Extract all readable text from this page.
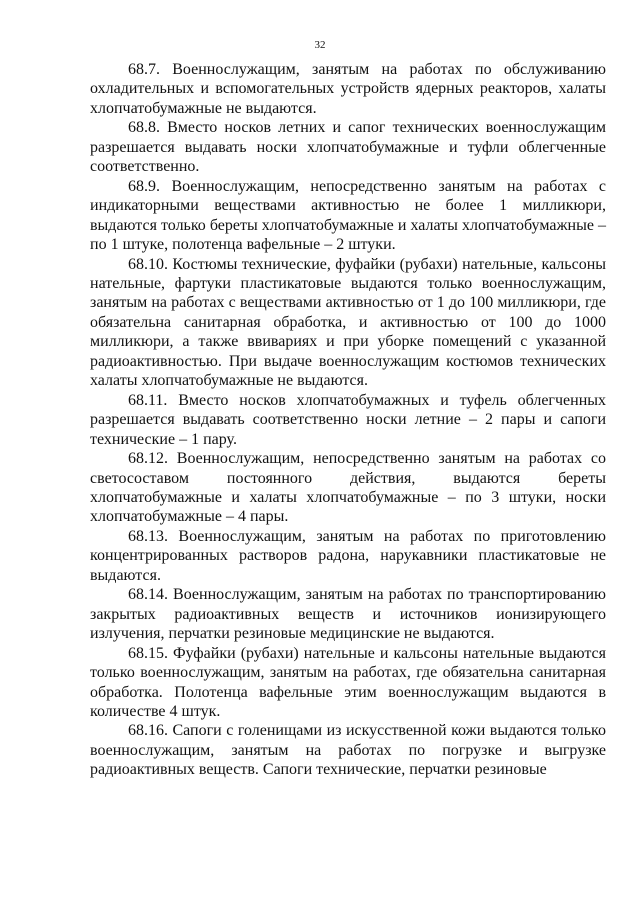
32

68.7. Военнослужащим, занятым на работах по обслуживанию охладительных и вспомогательных устройств ядерных реакторов, халаты хлопчатобумажные не выдаются.

68.8. Вместо носков летних и сапог технических военнослужащим разрешается выдавать носки хлопчатобумажные и туфли облегченные соответственно.

68.9. Военнослужащим, непосредственно занятым на работах с индикаторными веществами активностью не более 1 милликюри, выдаются только береты хлопчатобумажные и халаты хлопчатобумажные – по 1 штуке, полотенца вафельные – 2 штуки.

68.10. Костюмы технические, фуфайки (рубахи) нательные, кальсоны нательные, фартуки пластикатовые выдаются только военнослужащим, занятым на работах с веществами активностью от 1 до 100 милликюри, где обязательна санитарная обработка, и активностью от 100 до 1000 милликюри, а также ввивариях и при уборке помещений с указанной радиоактивностью. При выдаче военнослужащим костюмов технических халаты хлопчатобумажные не выдаются.

68.11. Вместо носков хлопчатобумажных и туфель облегченных разрешается выдавать соответственно носки летние – 2 пары и сапоги технические – 1 пару.

68.12. Военнослужащим, непосредственно занятым на работах со светосоставом постоянного действия, выдаются береты хлопчатобумажные и халаты хлопчатобумажные – по 3 штуки, носки хлопчатобумажные – 4 пары.

68.13. Военнослужащим, занятым на работах по приготовлению концентрированных растворов радона, нарукавники пластикатовые не выдаются.

68.14. Военнослужащим, занятым на работах по транспортированию закрытых радиоактивных веществ и источников ионизирующего излучения, перчатки резиновые медицинские не выдаются.

68.15. Фуфайки (рубахи) нательные и кальсоны нательные выдаются только военнослужащим, занятым на работах, где обязательна санитарная обработка. Полотенца вафельные этим военнослужащим выдаются в количестве 4 штук.

68.16. Сапоги с голенищами из искусственной кожи выдаются только военнослужащим, занятым на работах по погрузке и выгрузке радиоактивных веществ. Сапоги технические, перчатки резиновые
